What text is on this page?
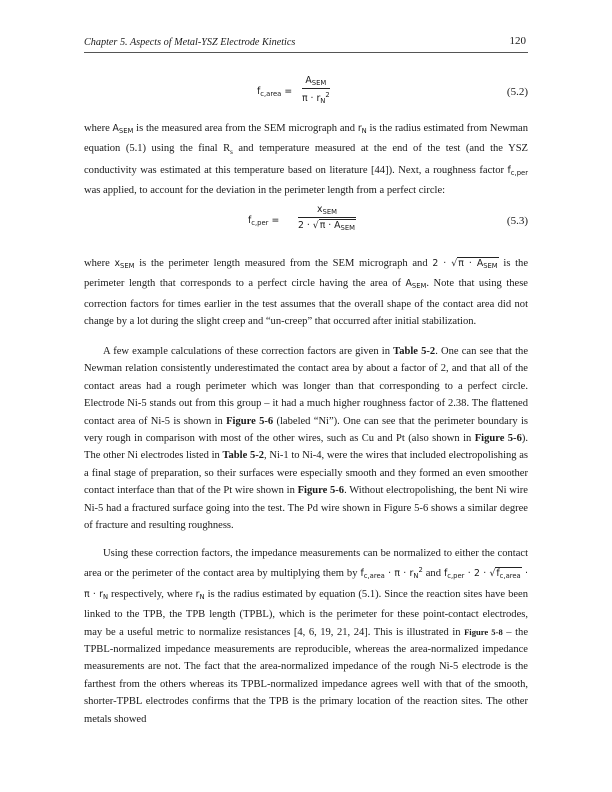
Chapter 5. Aspects of Metal-YSZ Electrode Kinetics	120
$f_{c,area}$ =
$A_{SEM}$
$\pi \cdot r_N^2$	(5.2)

where $A_{SEM}$ is the measured area from the SEM micrograph and $r_N$ is the radius estimated from Newman equation (5.1) using the final $R_s$ and temperature measured at the end of the test (and the YSZ conductivity was estimated at this temperature based on literature [44]). Next, a roughness factor $f_{c,per}$ was applied, to account for the deviation in the perimeter length from a perfect circle:

$f_{c,per}$ =
$x_{SEM}$
$2 \cdot √\pi \cdot A_{SEM}$
(5.3)

where $x_{SEM}$ is the perimeter length measured from the SEM micrograph and $2 \cdot √\pi \cdot A_{SEM}$ is the perimeter length that corresponds to a perfect circle having the area of $A_{SEM}$. Note that using these correction factors for times earlier in the test assumes that the overall shape of the contact area did not change by a lot during the slight creep and “un-creep” that occurred after initial stabilization.

A few example calculations of these correction factors are given in Table 5-2. One can see that the Newman relation consistently underestimated the contact area by about a factor of 2, and that all of the contact areas had a rough perimeter which was longer than that corresponding to a perfect circle. Electrode Ni-5 stands out from this group – it had a much higher roughness factor of 2.38. The flattened contact area of Ni-5 is shown in Figure 5-6 (labeled “Ni”). One can see that the perimeter boundary is very rough in comparison with most of the other wires, such as Cu and Pt (also shown in Figure 5-6). The other Ni electrodes listed in Table 5-2, Ni-1 to Ni-4, were the wires that included electropolishing as a final stage of preparation, so their surfaces were especially smooth and they formed an even smoother contact interface than that of the Pt wire shown in Figure 5-6. Without electropolishing, the bent Ni wire Ni-5 had a fractured surface going into the test. The Pd wire shown in Figure 5-6 shows a similar degree of fracture and resulting roughness.

Using these correction factors, the impedance measurements can be normalized to either the contact area or the perimeter of the contact area by multiplying them by $f_{c,area} \cdot \pi \cdot r_N^2$ and $f_{c,per} \cdot 2 \cdot √f_{c,area} \cdot \pi \cdot r_N$ respectively, where $r_N$ is the radius estimated by equation (5.1). Since the reaction sites have been linked to the TPB, the TPB length (TPBL), which is the perimeter for these point-contact electrodes, may be a useful metric to normalize resistances [4, 6, 19, 21, 24]. This is illustrated in Figure 5-8 – the TPBL-normalized impedance measurements are reproducible, whereas the area-normalized impedance measurements are not. The fact that the area-normalized impedance of the rough Ni-5 electrode is the farthest from the others whereas its TPBL-normalized impedance agrees well with that of the smooth, shorter-TPBL electrodes confirms that the TPB is the primary location of the reaction sites. The other metals showed
